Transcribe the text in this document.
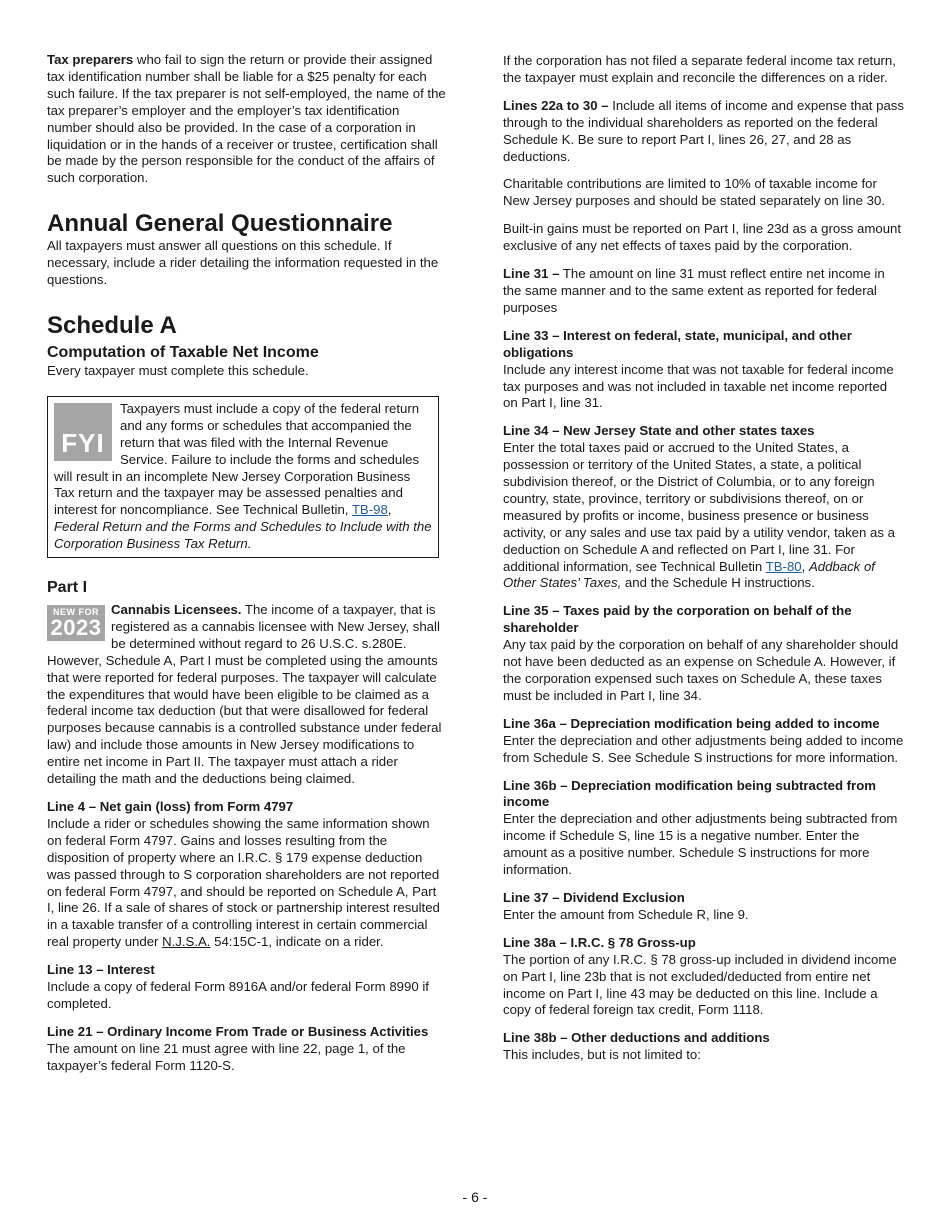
Tax preparers who fail to sign the return or provide their assigned tax identification number shall be liable for a $25 penalty for each such failure. If the tax preparer is not self-employed, the name of the tax preparer’s employer and the employer’s tax identification number should also be provided. In the case of a corporation in liquidation or in the hands of a receiver or trustee, certification shall be made by the person responsible for the conduct of the affairs of such corporation.

Annual General Questionnaire

All taxpayers must answer all questions on this schedule. If necessary, include a rider detailing the information requested in the questions.

Schedule A
Computation of Taxable Net Income

Every taxpayer must complete this schedule.

FYI

Taxpayers must include a copy of the federal return and any forms or schedules that accompanied the return that was filed with the Internal Revenue Service. Failure to include the forms and schedules will result in an incomplete New Jersey Corporation Business Tax return and the taxpayer may be assessed penalties and interest for noncompliance. See Technical Bulletin, TB-98, Federal Return and the Forms and Schedules to Include with the Corporation Business Tax Return.

Part I
NEW FOR
2023

Cannabis Licensees. The income of a taxpayer, that is registered as a cannabis licensee with New Jersey, shall be determined without regard to 26 U.S.C. s.280E. However, Schedule A, Part I must be completed using the amounts that were reported for federal purposes. The taxpayer will calculate the expenditures that would have been eligible to be claimed as a federal income tax deduction (but that were disallowed for federal purposes because cannabis is a controlled substance under federal law) and include those amounts in New Jersey modifications to entire net income in Part II. The taxpayer must attach a rider detailing the math and the deductions being claimed.

Line 4 – Net gain (loss) from Form 4797

Include a rider or schedules showing the same information shown on federal Form 4797. Gains and losses resulting from the disposition of property where an I.R.C. § 179 expense deduction was passed through to S corporation shareholders are not reported on federal Form 4797, and should be reported on Schedule A, Part I, line 26. If a sale of shares of stock or partnership interest resulted in a taxable transfer of a controlling interest in certain commercial real property under N.J.S.A. 54:15C-1, indicate on a rider.

Line 13 – Interest

Include a copy of federal Form 8916A and/or federal Form 8990 if completed.

Line 21 – Ordinary Income From Trade or Business Activities

The amount on line 21 must agree with line 22, page 1, of the taxpayer’s federal Form 1120-S.

If the corporation has not filed a separate federal income tax return, the taxpayer must explain and reconcile the differences on a rider.

Lines 22a to 30 – Include all items of income and expense that pass through to the individual shareholders as reported on the federal Schedule K. Be sure to report Part I, lines 26, 27, and 28 as deductions.

Charitable contributions are limited to 10% of taxable income for New Jersey purposes and should be stated separately on line 30.

Built-in gains must be reported on Part I, line 23d as a gross amount exclusive of any net effects of taxes paid by the corporation.

Line 31 – The amount on line 31 must reflect entire net income in the same manner and to the same extent as reported for federal purposes

Line 33 – Interest on federal, state, municipal, and other obligations

Include any interest income that was not taxable for federal income tax purposes and was not included in taxable net income reported on Part I, line 31.

Line 34 – New Jersey State and other states taxes

Enter the total taxes paid or accrued to the United States, a possession or territory of the United States, a state, a political subdivision thereof, or the District of Columbia, or to any foreign country, state, province, territory or subdivisions thereof, on or measured by profits or income, business presence or business activity, or any sales and use tax paid by a utility vendor, taken as a deduction on Schedule A and reflected on Part I, line 31. For additional information, see Technical Bulletin TB-80, Addback of Other States’ Taxes, and the Schedule H instructions.

Line 35 – Taxes paid by the corporation on behalf of the shareholder

Any tax paid by the corporation on behalf of any shareholder should not have been deducted as an expense on Schedule A. However, if the corporation expensed such taxes on Schedule A, these taxes must be included in Part I, line 34.

Line 36a – Depreciation modification being added to income

Enter the depreciation and other adjustments being added to income from Schedule S. See Schedule S instructions for more information.

Line 36b – Depreciation modification being subtracted from income

Enter the depreciation and other adjustments being subtracted from income if Schedule S, line 15 is a negative number. Enter the amount as a positive number. Schedule S instructions for more information.

Line 37 – Dividend Exclusion

Enter the amount from Schedule R, line 9.

Line 38a – I.R.C. § 78 Gross-up

The portion of any I.R.C. § 78 gross-up included in dividend income on Part I, line 23b that is not excluded/deducted from entire net income on Part I, line 43 may be deducted on this line. Include a copy of federal foreign tax credit, Form 1118.

Line 38b – Other deductions and additions

This includes, but is not limited to:

- 6 -
